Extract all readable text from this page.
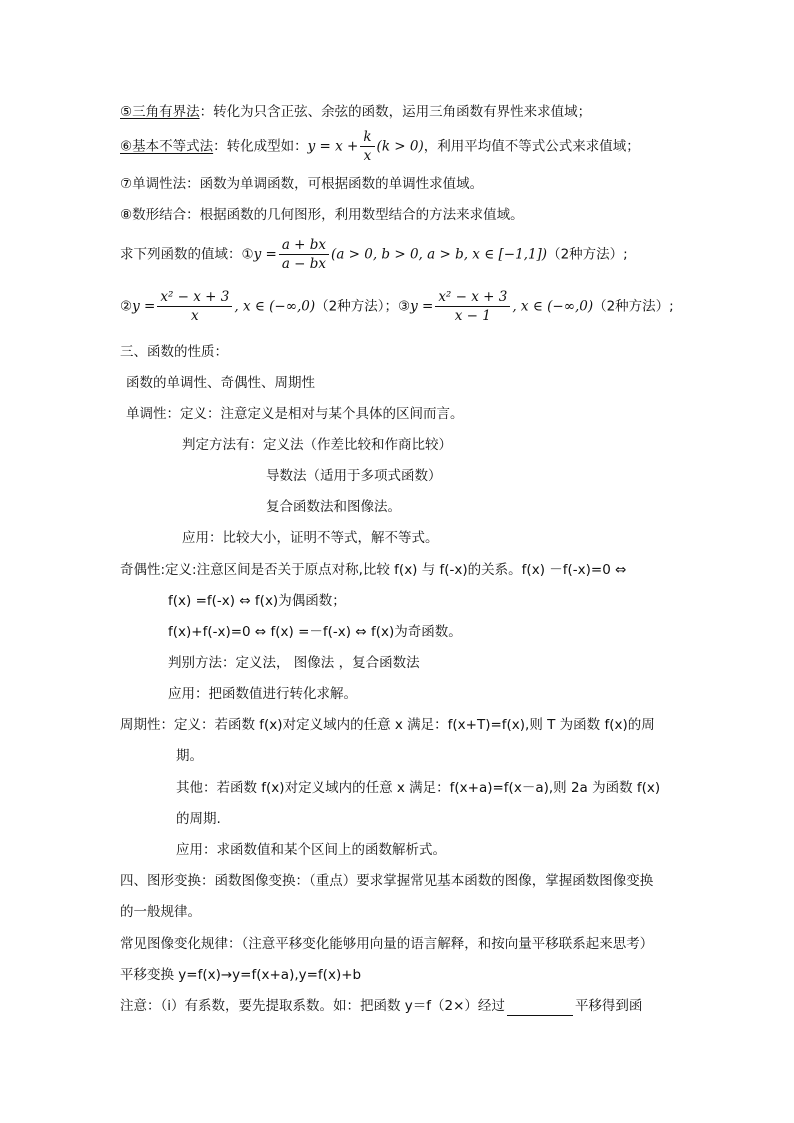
⑤三角有界法：转化为只含正弦、余弦的函数，运用三角函数有界性来求值域；
⑥基本不等式法：转化成型如：$y = x + \frac{k}{x} (k > 0)$，利用平均值不等式公式来求值域；
⑦单调性法：函数为单调函数，可根据函数的单调性求值域。
⑧数形结合：根据函数的几何图形，利用数型结合的方法来求值域。
求下列函数的值域：①y = $\frac{a + bx}{a - bx} (a > 0$, b > 0, a > b, x ∈ [−1,1])（2种方法）;
②y = $\frac{\text{x² − x + 3}}{x}$ , x ∈ (−∞,0)（2种方法）；③y = $\frac{\text{x² − x + 3}}{x - 1}$ , x ∈ (−∞,0)（2种方法）;
三、函数的性质：
函数的单调性、奇偶性、周期性
单调性：定义：注意定义是相对与某个具体的区间而言。
判定方法有：定义法（作差比较和作商比较）
导数法（适用于多项式函数）
复合函数法和图像法。
应用：比较大小，证明不等式，解不等式。
奇偶性:定义:注意区间是否关于原点对称,比较 f(x) 与 f(-x)的关系。f(x) －f(-x)=0 ⇔
f(x) =f(-x) ⇔ f(x)为偶函数；
f(x)+f(-x)=0 ⇔ f(x) =－f(-x) ⇔ f(x)为奇函数。
判别方法：定义法， 图像法 ，复合函数法
应用：把函数值进行转化求解。
周期性：定义：若函数 f(x)对定义域内的任意 x 满足：f(x+T)=f(x),则 T 为函数 f(x)的周
期。
其他：若函数 f(x)对定义域内的任意 x 满足：f(x+a)=f(x－a),则 2a 为函数 f(x)
的周期.
应用：求函数值和某个区间上的函数解析式。
四、图形变换：函数图像变换：（重点）要求掌握常见基本函数的图像，掌握函数图像变换
的一般规律。
常见图像变化规律：（注意平移变化能够用向量的语言解释，和按向量平移联系起来思考）
平移变换 y=f(x)→y=f(x+a),y=f(x)+b
注意：（ⅰ）有系数，要先提取系数。如：把函数 y＝f（2×）经过	平移得到函
